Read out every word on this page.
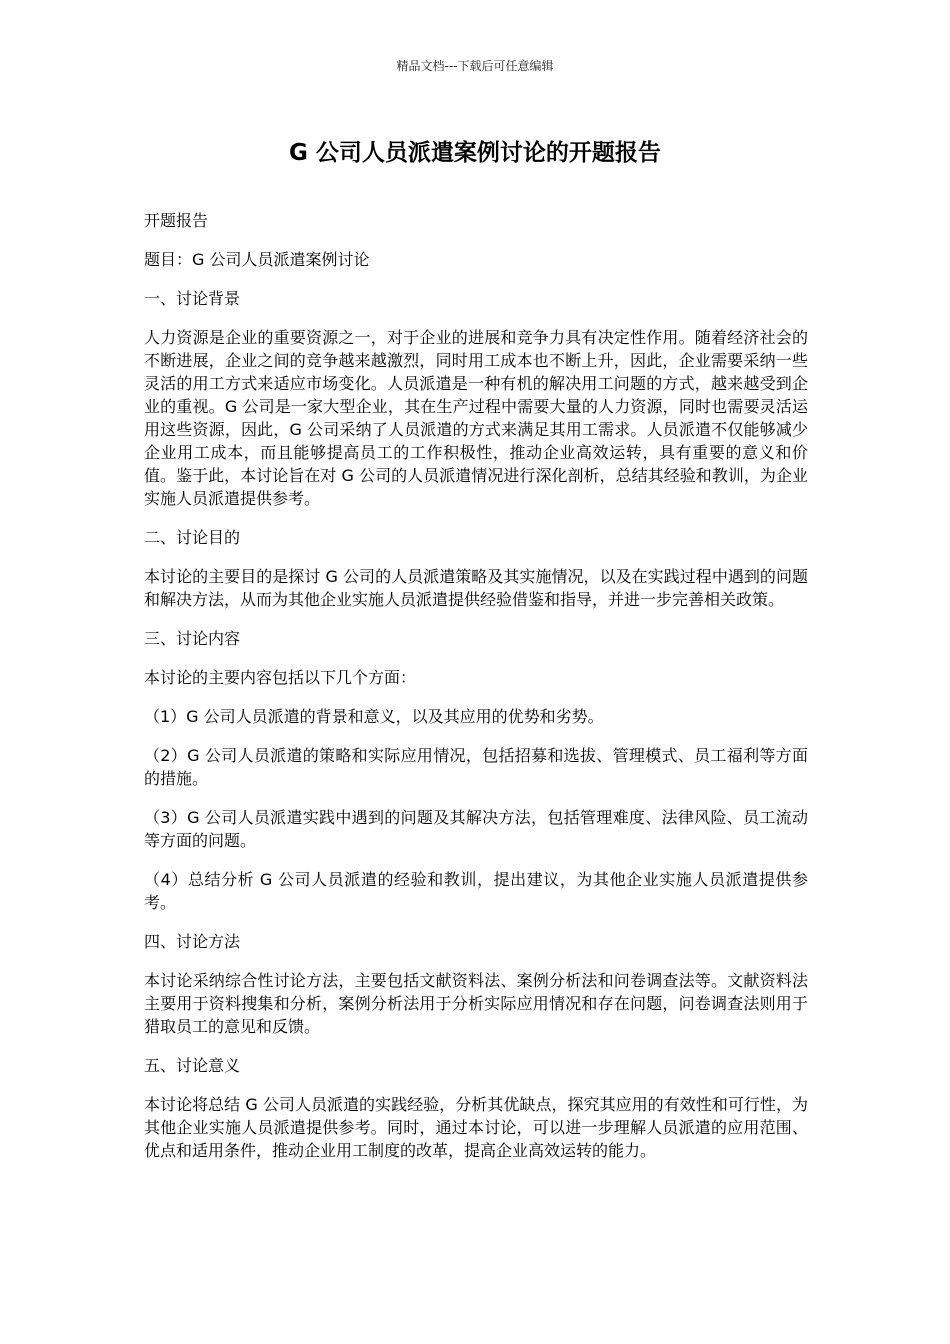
精品文档---下载后可任意编辑
G 公司人员派遣案例讨论的开题报告

开题报告

题目：G 公司人员派遣案例讨论

一、讨论背景

人力资源是企业的重要资源之一，对于企业的进展和竞争力具有决定性作用。随着经济社会的不断进展，企业之间的竞争越来越激烈，同时用工成本也不断上升，因此，企业需要采纳一些灵活的用工方式来适应市场变化。人员派遣是一种有机的解决用工问题的方式，越来越受到企业的重视。G 公司是一家大型企业，其在生产过程中需要大量的人力资源，同时也需要灵活运用这些资源，因此，G 公司采纳了人员派遣的方式来满足其用工需求。人员派遣不仅能够减少企业用工成本，而且能够提高员工的工作积极性，推动企业高效运转，具有重要的意义和价值。鉴于此，本讨论旨在对 G 公司的人员派遣情况进行深化剖析，总结其经验和教训，为企业实施人员派遣提供参考。

二、讨论目的

本讨论的主要目的是探讨 G 公司的人员派遣策略及其实施情况，以及在实践过程中遇到的问题和解决方法，从而为其他企业实施人员派遣提供经验借鉴和指导，并进一步完善相关政策。

三、讨论内容

本讨论的主要内容包括以下几个方面：

（1）G 公司人员派遣的背景和意义，以及其应用的优势和劣势。

（2）G 公司人员派遣的策略和实际应用情况，包括招募和选拔、管理模式、员工福利等方面的措施。

（3）G 公司人员派遣实践中遇到的问题及其解决方法，包括管理难度、法律风险、员工流动等方面的问题。

（4）总结分析 G 公司人员派遣的经验和教训，提出建议，为其他企业实施人员派遣提供参考。

四、讨论方法

本讨论采纳综合性讨论方法，主要包括文献资料法、案例分析法和问卷调查法等。文献资料法主要用于资料搜集和分析，案例分析法用于分析实际应用情况和存在问题，问卷调查法则用于猎取员工的意见和反馈。

五、讨论意义

本讨论将总结 G 公司人员派遣的实践经验，分析其优缺点，探究其应用的有效性和可行性，为其他企业实施人员派遣提供参考。同时，通过本讨论，可以进一步理解人员派遣的应用范围、优点和适用条件，推动企业用工制度的改革，提高企业高效运转的能力。
